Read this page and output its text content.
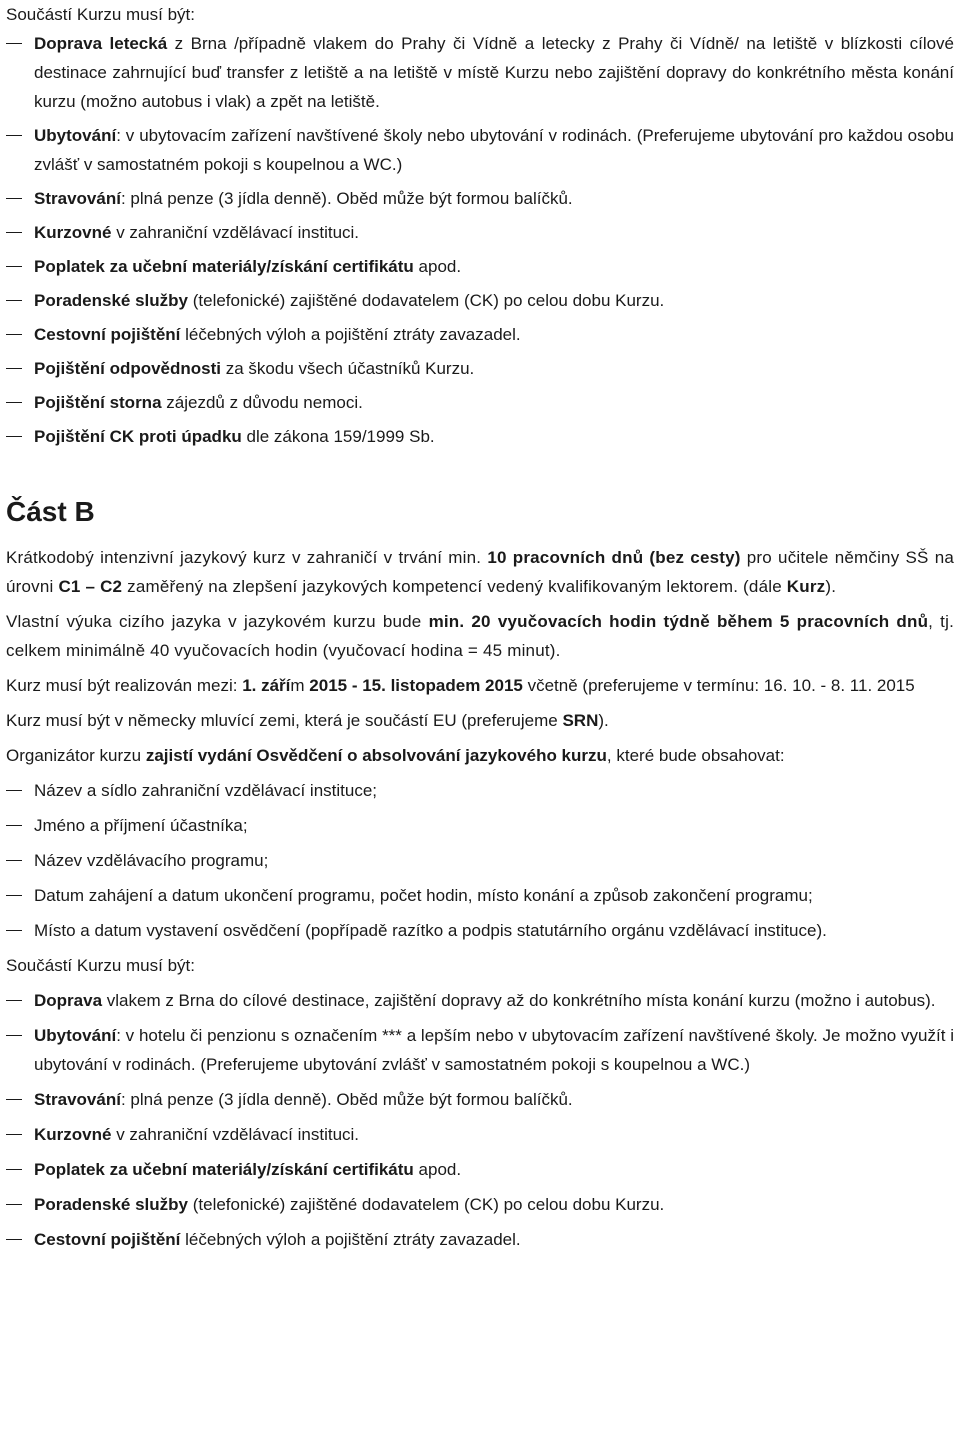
Součástí Kurzu musí být:

Doprava letecká z Brna /případně vlakem do Prahy či Vídně a letecky z Prahy či Vídně/ na letiště v blízkosti cílové destinace zahrnující buď transfer z letiště a na letiště v místě Kurzu nebo zajištění dopravy do konkrétního města konání kurzu (možno autobus i vlak) a zpět na letiště.
Ubytování: v ubytovacím zařízení navštívené školy nebo ubytování v rodinách. (Preferujeme ubytování pro každou osobu zvlášť v samostatném pokoji s koupelnou a WC.)
Stravování: plná penze (3 jídla denně). Oběd může být formou balíčků.
Kurzovné v zahraniční vzdělávací instituci.
Poplatek za učební materiály/získání certifikátu apod.
Poradenské služby (telefonické) zajištěné dodavatelem (CK) po celou dobu Kurzu.
Cestovní pojištění léčebných výloh a pojištění ztráty zavazadel.
Pojištění odpovědnosti za škodu všech účastníků Kurzu.
Pojištění storna zájezdů z důvodu nemoci.
Pojištění CK proti úpadku dle zákona 159/1999 Sb.
Část B

Krátkodobý intenzivní jazykový kurz v zahraničí v trvání min. 10 pracovních dnů (bez cesty) pro učitele němčiny SŠ na úrovni C1 – C2 zaměřený na zlepšení jazykových kompetencí vedený kvalifikovaným lektorem. (dále Kurz).

Vlastní výuka cizího jazyka v jazykovém kurzu bude min. 20 vyučovacích hodin týdně během 5 pracovních dnů, tj. celkem minimálně 40 vyučovacích hodin (vyučovací hodina = 45 minut).

Kurz musí být realizován mezi: 1. zářím 2015 - 15. listopadem 2015 včetně (preferujeme v termínu: 16. 10. - 8. 11. 2015

Kurz musí být v německy mluvící zemi, která je součástí EU (preferujeme SRN).

Organizátor kurzu zajistí vydání Osvědčení o absolvování jazykového kurzu, které bude obsahovat:

Název a sídlo zahraniční vzdělávací instituce;
Jméno a příjmení účastníka;
Název vzdělávacího programu;
Datum zahájení a datum ukončení programu, počet hodin, místo konání a způsob zakončení programu;
Místo a datum vystavení osvědčení (popřípadě razítko a podpis statutárního orgánu vzdělávací instituce).

Součástí Kurzu musí být:

Doprava vlakem z Brna do cílové destinace, zajištění dopravy až do konkrétního místa konání kurzu (možno i autobus).
Ubytování: v hotelu či penzionu s označením *** a lepším nebo v ubytovacím zařízení navštívené školy. Je možno využít i ubytování v rodinách. (Preferujeme ubytování zvlášť v samostatném pokoji s koupelnou a WC.)
Stravování: plná penze (3 jídla denně). Oběd může být formou balíčků.
Kurzovné v zahraniční vzdělávací instituci.
Poplatek za učební materiály/získání certifikátu apod.
Poradenské služby (telefonické) zajištěné dodavatelem (CK) po celou dobu Kurzu.
Cestovní pojištění léčebných výloh a pojištění ztráty zavazadel.
